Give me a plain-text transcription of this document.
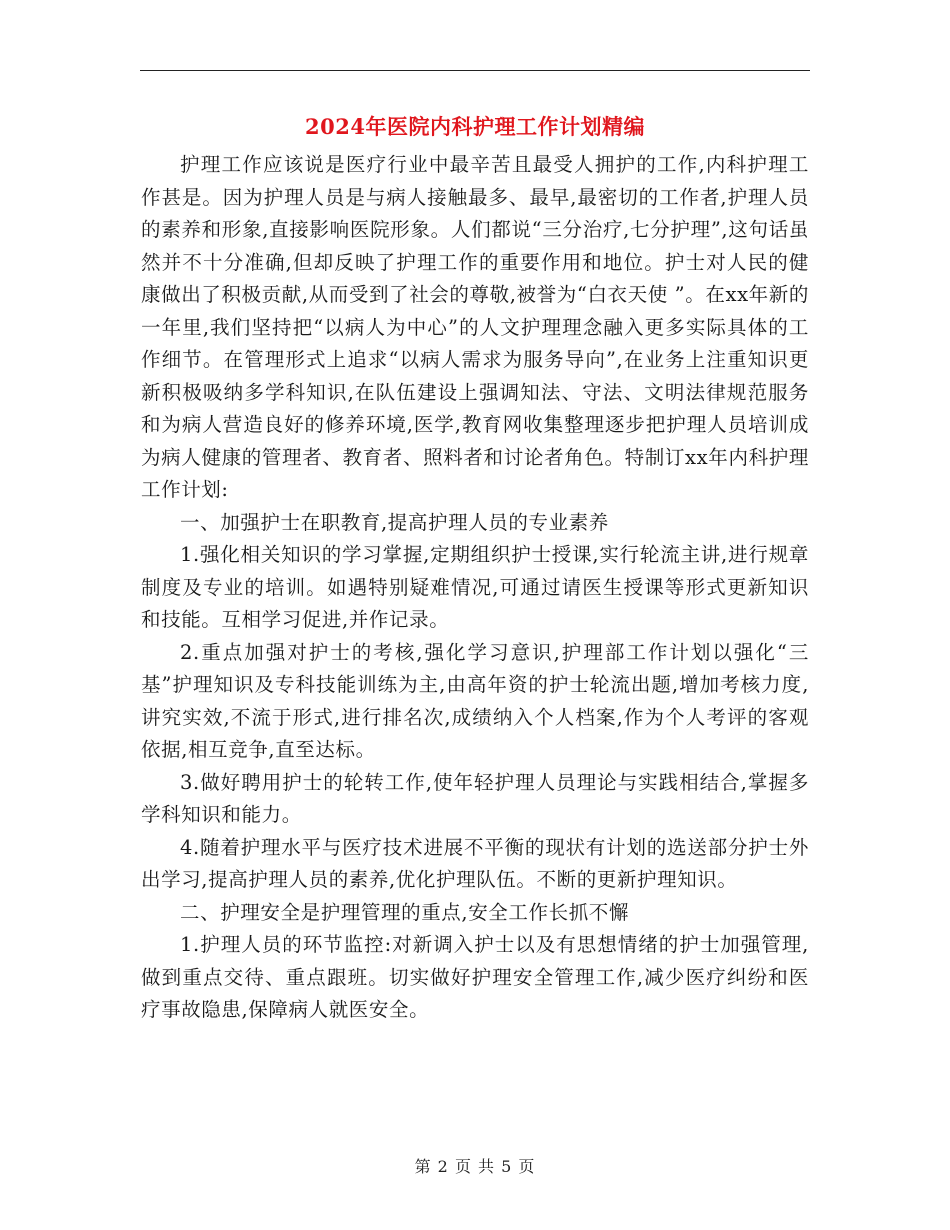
2024年医院内科护理工作计划精编

护理工作应该说是医疗行业中最辛苦且最受人拥护的工作,内科护理工作甚是。因为护理人员是与病人接触最多、最早,最密切的工作者,护理人员的素养和形象,直接影响医院形象。人们都说“三分治疗,七分护理”,这句话虽然并不十分准确,但却反映了护理工作的重要作用和地位。护士对人民的健康做出了积极贡献,从而受到了社会的尊敬,被誉为“白衣天使 ”。在xx年新的一年里,我们坚持把“以病人为中心”的人文护理理念融入更多实际具体的工作细节。在管理形式上追求“以病人需求为服务导向”,在业务上注重知识更新积极吸纳多学科知识,在队伍建设上强调知法、守法、文明法律规范服务和为病人营造良好的修养环境,医学,教育网收集整理逐步把护理人员培训成为病人健康的管理者、教育者、照料者和讨论者角色。特制订xx年内科护理工作计划:

一、加强护士在职教育,提高护理人员的专业素养

1.强化相关知识的学习掌握,定期组织护士授课,实行轮流主讲,进行规章制度及专业的培训。如遇特别疑难情况,可通过请医生授课等形式更新知识和技能。互相学习促进,并作记录。

2.重点加强对护士的考核,强化学习意识,护理部工作计划以强化“三基”护理知识及专科技能训练为主,由高年资的护士轮流出题,增加考核力度,讲究实效,不流于形式,进行排名次,成绩纳入个人档案,作为个人考评的客观依据,相互竞争,直至达标。

3.做好聘用护士的轮转工作,使年轻护理人员理论与实践相结合,掌握多学科知识和能力。

4.随着护理水平与医疗技术进展不平衡的现状有计划的选送部分护士外出学习,提高护理人员的素养,优化护理队伍。不断的更新护理知识。

二、护理安全是护理管理的重点,安全工作长抓不懈

1.护理人员的环节监控:对新调入护士以及有思想情绪的护士加强管理,做到重点交待、重点跟班。切实做好护理安全管理工作,减少医疗纠纷和医疗事故隐患,保障病人就医安全。

第 2 页 共 5 页
